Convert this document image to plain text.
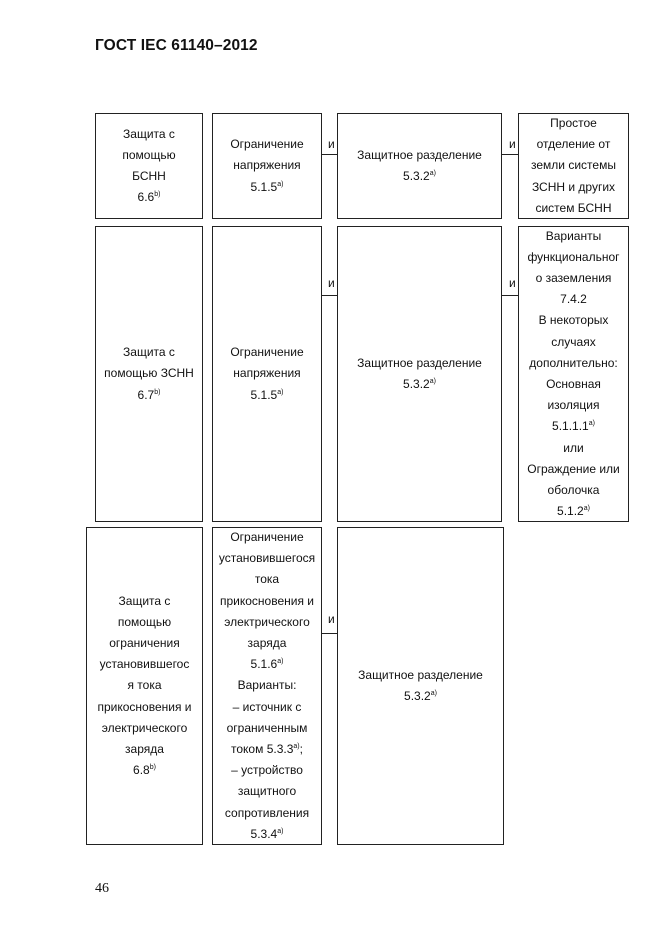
ГОСТ IEC 61140–2012
Защита с
помощью
БСНН
6.6$^{b)}$
Ограничение
напряжения
5.1.5$^{a)}$
и
Защитное разделение
5.3.2$^{a)}$
и
Простое
отделение от
земли системы
ЗСНН и других
систем БСНН
Защита с
помощью ЗСНН
6.7$^{b)}$
Ограничение
напряжения
5.1.5$^{a)}$
и
Защитное разделение
5.3.2$^{a)}$
и
Варианты
функциональног
о заземления
7.4.2
В некоторых
случаях
дополнительно:
Основная
изоляция
5.1.1.1$^{a)}$
или
Ограждение или
оболочка
5.1.2$^{a)}$
Защита с
помощью
ограничения
установившегос
я тока
прикосновения и
электрического
заряда
6.8$^{b)}$
Ограничение
установившегося
тока
прикосновения и
электрического
заряда
5.1.6$^{a)}$
Варианты:
– источник с
ограниченным
током 5.3.3$^{a)}$;
– устройство
защитного
сопротивления
5.3.4$^{a)}$
и
Защитное разделение
5.3.2$^{a)}$
46
